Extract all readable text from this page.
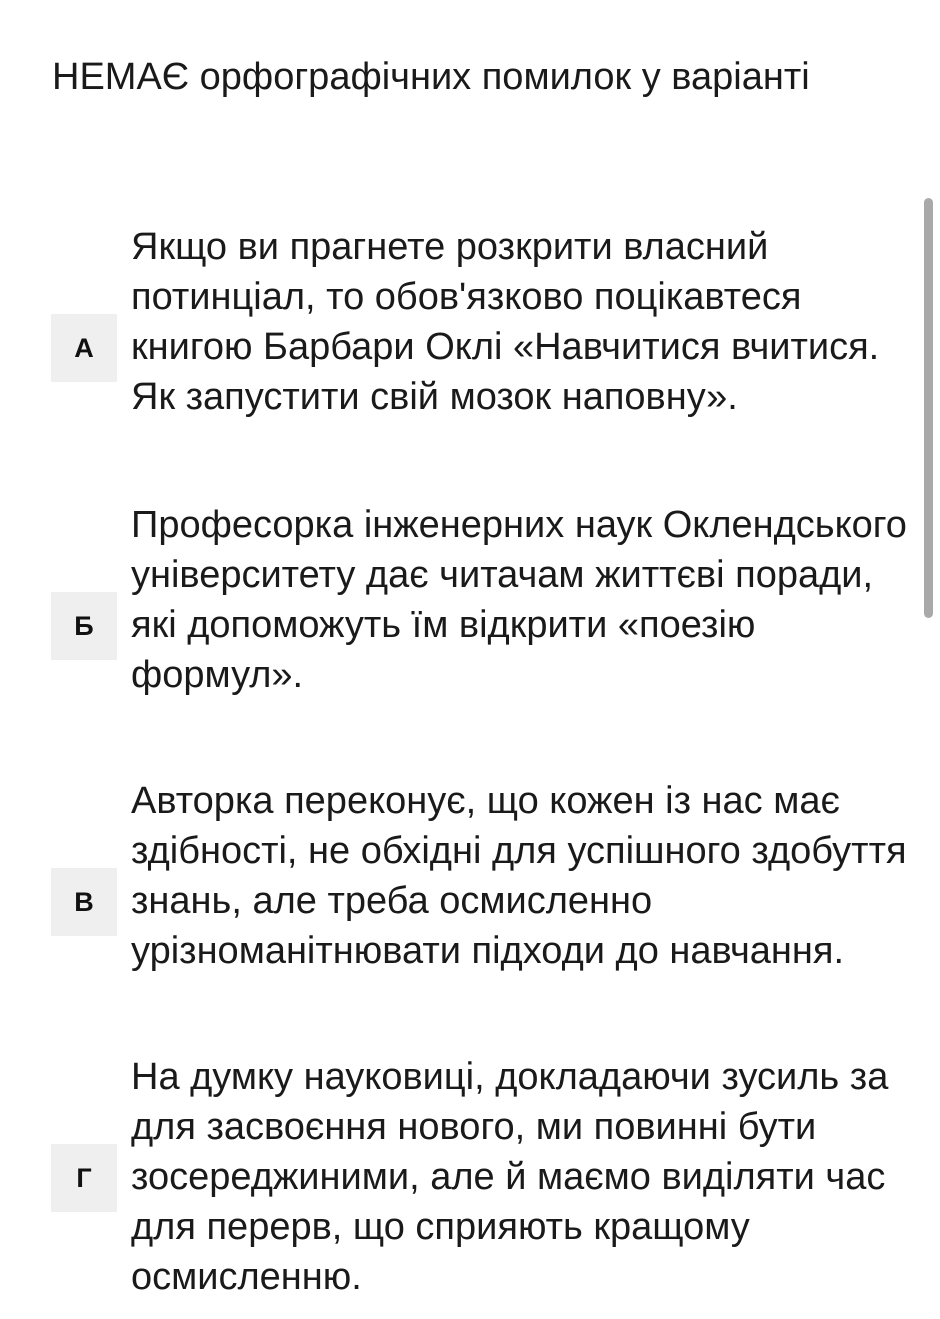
НЕМАЄ орфографічних помилок у варіанті
А
Якщо ви прагнете розкрити власний потинціал, то обов'язково поцікавтеся книгою Барбари Оклі «Навчитися вчитися. Як запустити свій мозок наповну».
Б
Професорка інженерних наук Оклендського університету дає читачам життєві поради, які допоможуть їм відкрити «поезію формул».
В
Авторка переконує, що кожен із нас має здібності, не обхідні для успішного здобуття знань, але треба осмисленно урізноманітнювати підходи до навчання.
Г
На думку науковиці, докладаючи зусиль за для засвоєння нового, ми повинні бути зосереджиними, але й маємо виділяти час для перерв, що сприяють кращому осмисленню.
